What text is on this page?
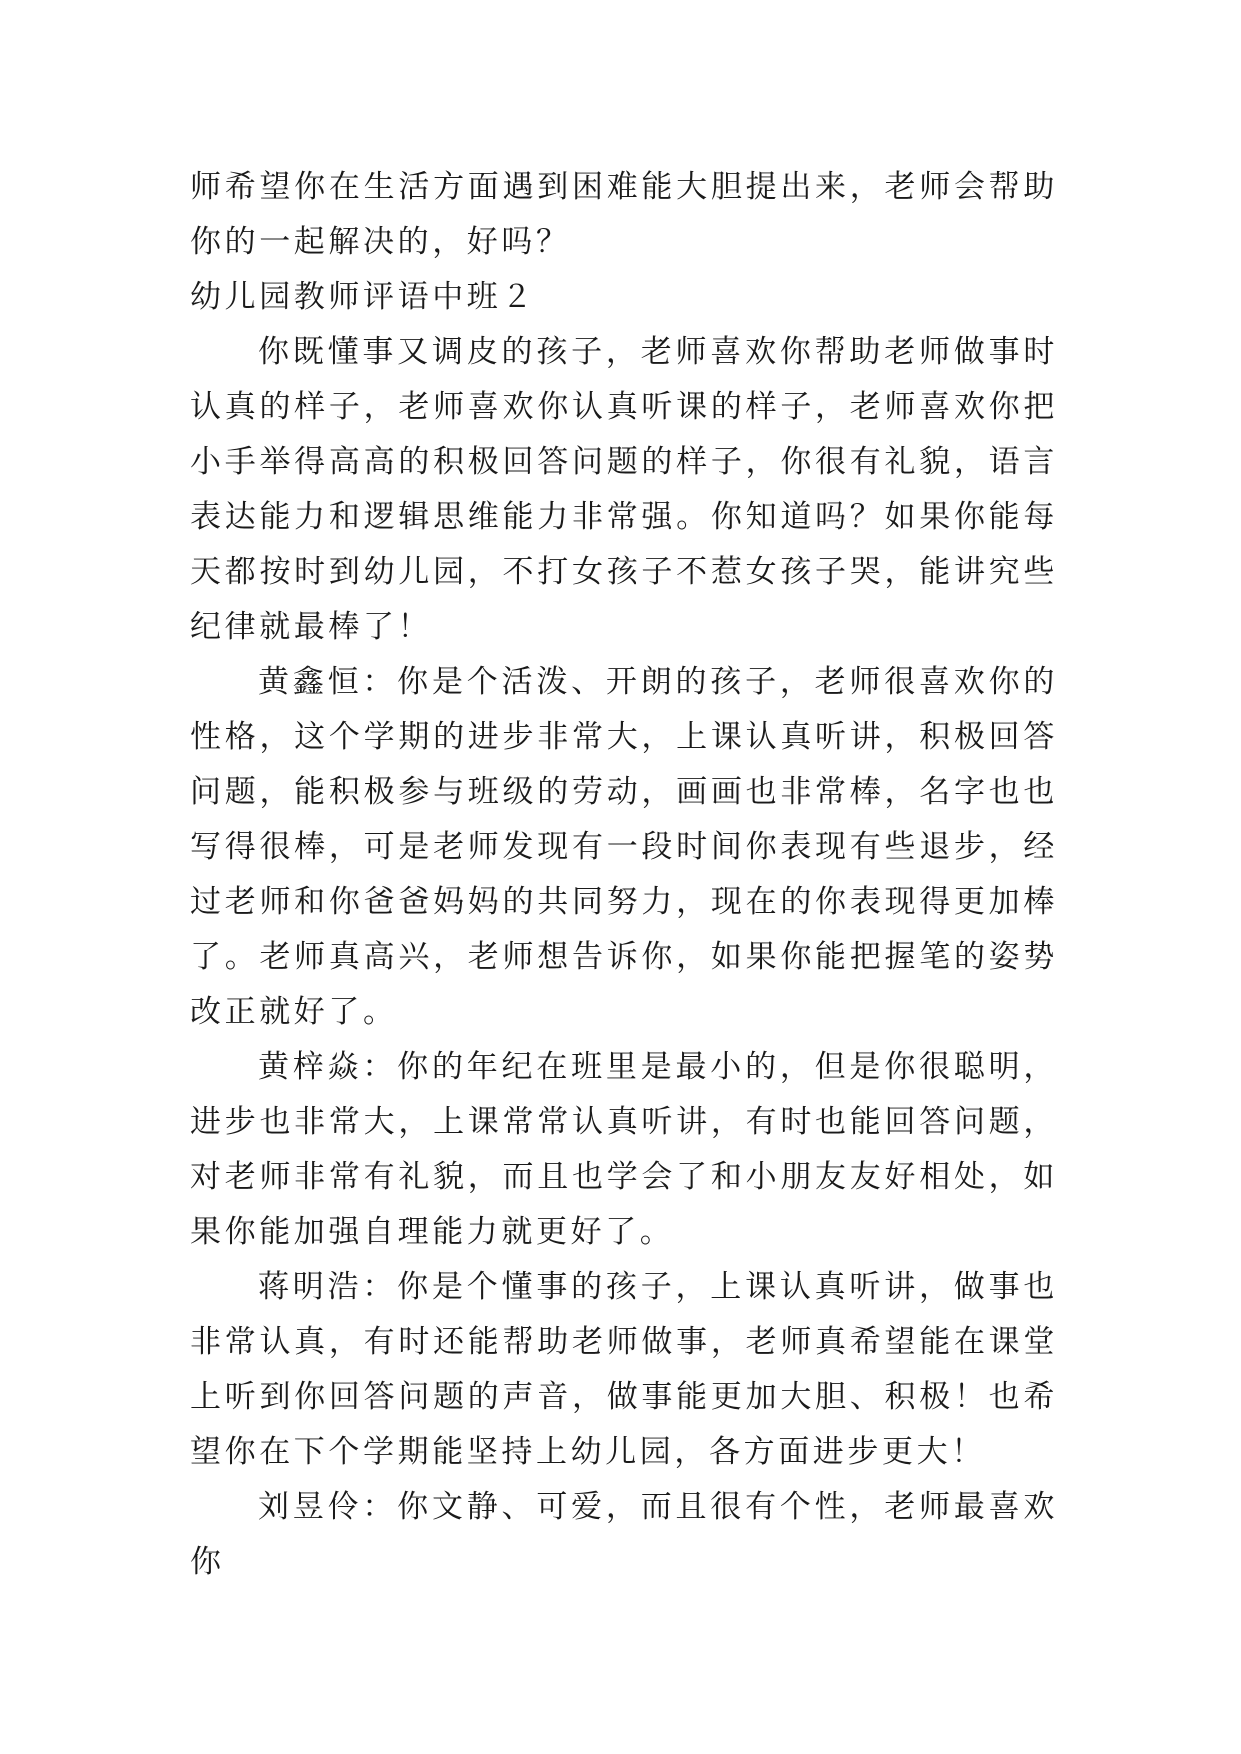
师希望你在生活方面遇到困难能大胆提出来，老师会帮助你的一起解决的，好吗？

幼儿园教师评语中班２

你既懂事又调皮的孩子，老师喜欢你帮助老师做事时认真的样子，老师喜欢你认真听课的样子，老师喜欢你把小手举得高高的积极回答问题的样子，你很有礼貌，语言表达能力和逻辑思维能力非常强。你知道吗？如果你能每天都按时到幼儿园，不打女孩子不惹女孩子哭，能讲究些纪律就最棒了！

黄鑫恒：你是个活泼、开朗的孩子，老师很喜欢你的性格，这个学期的进步非常大，上课认真听讲，积极回答问题，能积极参与班级的劳动，画画也非常棒，名字也也写得很棒，可是老师发现有一段时间你表现有些退步，经过老师和你爸爸妈妈的共同努力，现在的你表现得更加棒了。老师真高兴，老师想告诉你，如果你能把握笔的姿势改正就好了。

黄梓焱：你的年纪在班里是最小的，但是你很聪明，进步也非常大，上课常常认真听讲，有时也能回答问题，对老师非常有礼貌，而且也学会了和小朋友友好相处，如果你能加强自理能力就更好了。

蒋明浩：你是个懂事的孩子，上课认真听讲，做事也非常认真，有时还能帮助老师做事，老师真希望能在课堂上听到你回答问题的声音，做事能更加大胆、积极！也希望你在下个学期能坚持上幼儿园，各方面进步更大！

刘昱伶：你文静、可爱，而且很有个性，老师最喜欢你
